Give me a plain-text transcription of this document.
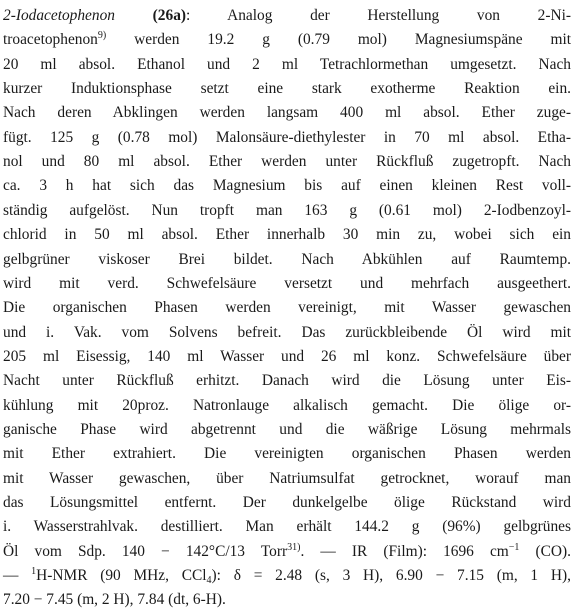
2-Iodacetophenon (26a): Analog der Herstellung von 2-Ni-
troacetophenon$^{9)}$ werden 19.2 g (0.79 mol) Magnesiumspäne mit
20 ml absol. Ethanol und 2 ml Tetrachlormethan umgesetzt. Nach
kurzer Induktionsphase setzt eine stark exotherme Reaktion ein.
Nach deren Abklingen werden langsam 400 ml absol. Ether zuge-
fügt. 125 g (0.78 mol) Malonsäure-diethylester in 70 ml absol. Etha-
nol und 80 ml absol. Ether werden unter Rückfluß zugetropft. Nach
ca. 3 h hat sich das Magnesium bis auf einen kleinen Rest voll-
ständig aufgelöst. Nun tropft man 163 g (0.61 mol) 2-Iodbenzoyl-
chlorid in 50 ml absol. Ether innerhalb 30 min zu, wobei sich ein
gelbgrüner viskoser Brei bildet. Nach Abkühlen auf Raumtemp.
wird mit verd. Schwefelsäure versetzt und mehrfach ausgeethert.
Die organischen Phasen werden vereinigt, mit Wasser gewaschen
und i. Vak. vom Solvens befreit. Das zurückbleibende Öl wird mit
205 ml Eisessig, 140 ml Wasser und 26 ml konz. Schwefelsäure über
Nacht unter Rückfluß erhitzt. Danach wird die Lösung unter Eis-
kühlung mit 20proz. Natronlauge alkalisch gemacht. Die ölige or-
ganische Phase wird abgetrennt und die wäßrige Lösung mehrmals
mit Ether extrahiert. Die vereinigten organischen Phasen werden
mit Wasser gewaschen, über Natriumsulfat getrocknet, worauf man
das Lösungsmittel entfernt. Der dunkelgelbe ölige Rückstand wird
i. Wasserstrahlvak. destilliert. Man erhält 144.2 g (96%) gelbgrünes
Öl vom Sdp. 140 − 142°C/13 Torr$^{31)}$. — IR (Film): 1696 $cm^{-1}$ (CO).
— $^1$H-NMR (90 MHz, CCl$_4$): δ = 2.48 (s, 3 H), 6.90 − 7.15 (m, 1 H),
7.20 − 7.45 (m, 2 H), 7.84 (dt, 6-H).
